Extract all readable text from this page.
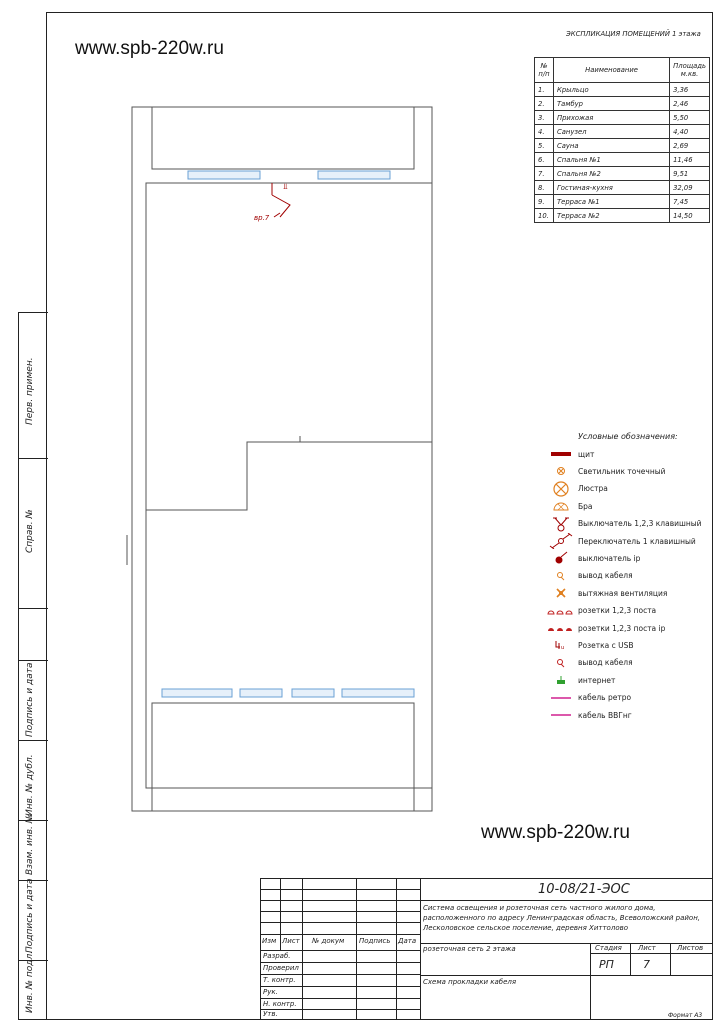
www.spb-220w.ru
www.spb-220w.ru
Перв. примен.
Справ. №
Подпись и дата
Инв. № дубл.
Взам. инв. №
Подпись и дата
Инв. № подл.
ЭКСПЛИКАЦИЯ ПОМЕЩЕНИЙ 1 этажа
№ п/п	Наименование	Площадь м.кв.
1.	Крыльцо	3,36
2.	Тамбур	2,46
3.	Прихожая	5,50
4.	Санузел	4,40
5.	Сауна	2,69
6.	Спальня №1	11,46
7.	Спальня №2	9,51
8.	Гостиная-кухня	32,09
9.	Терраса №1	7,45
10.	Терраса №2	14,50
⫫
вр.7
Условные обозначения:
щит
Светильник точечный
Люстра
Бра
Выключатель 1,2,3 клавишный
Переключатель 1 клавишный
выключатель ip
вывод кабеля
вытяжная вентиляция
розетки 1,2,3 поста
розетки 1,2,3 поста ip
u Розетка с USB
вывод кабеля
интернет
кабель ретро
кабель ВВГнг
Изм Лист № докум Подпись Дата
Разраб.
Проверил
Т. контр.
Рук.
Н. контр.
Утв.
10-08/21-ЭОС
Система освещения и розеточная сеть частного жилого дома, расположенного по адресу Ленинградская область, Всеволожский район, Лесколовское сельское поселение, деревня Хиттолово
розеточная сеть 2 этажа	Стадия Лист	Листов
РП	7
Схема прокладки кабеля
Формат А3
